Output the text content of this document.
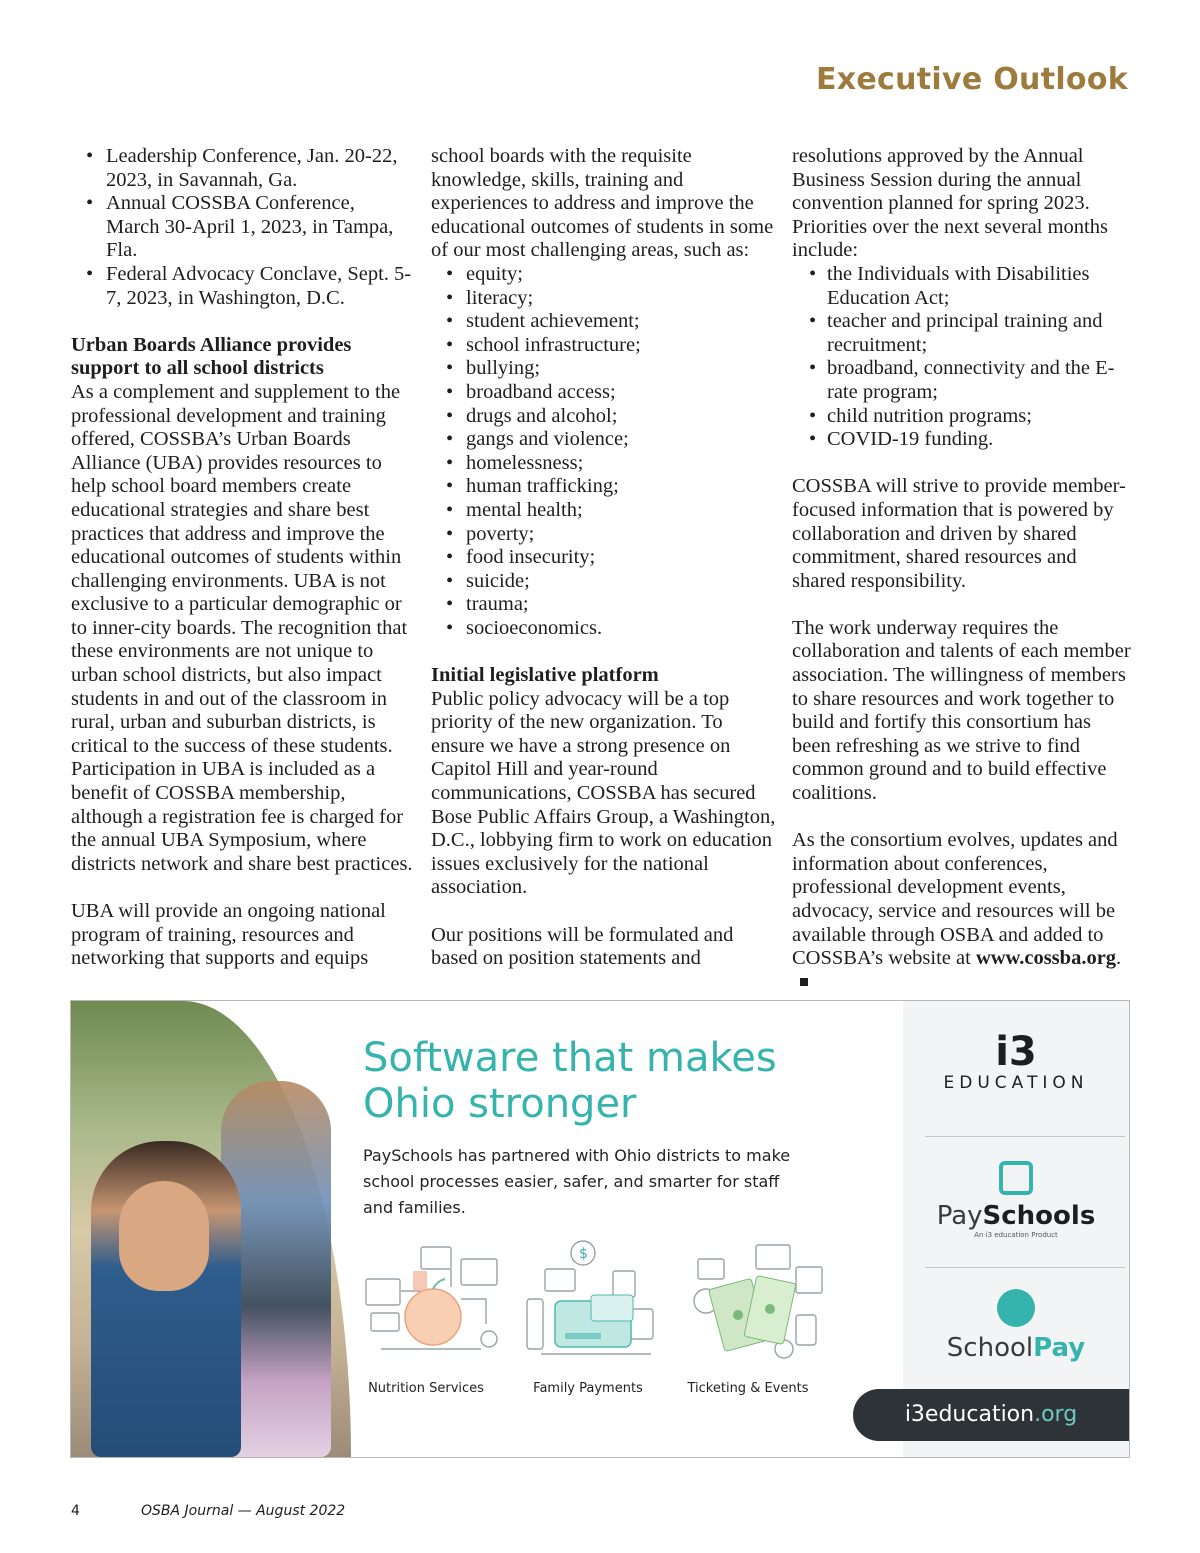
Executive Outlook
• Leadership Conference, Jan. 20-22, 2023, in Savannah, Ga.
• Annual COSSBA Conference, March 30-April 1, 2023, in Tampa, Fla.
• Federal Advocacy Conclave, Sept. 5-7, 2023, in Washington, D.C.

Urban Boards Alliance provides support to all school districts

As a complement and supplement to the professional development and training offered, COSSBA’s Urban Boards Alliance (UBA) provides resources to help school board members create educational strategies and share best practices that address and improve the educational outcomes of students within challenging environments. UBA is not exclusive to a particular demographic or to inner-city boards. The recognition that these environments are not unique to urban school districts, but also impact students in and out of the classroom in rural, urban and suburban districts, is critical to the success of these students. Participation in UBA is included as a benefit of COSSBA membership, although a registration fee is charged for the annual UBA Symposium, where districts network and share best practices.

UBA will provide an ongoing national program of training, resources and networking that supports and equips

school boards with the requisite knowledge, skills, training and experiences to address and improve the educational outcomes of students in some of our most challenging areas, such as:

• equity;
• literacy;
• student achievement;
• school infrastructure;
• bullying;
• broadband access;
• drugs and alcohol;
• gangs and violence;
• homelessness;
• human trafficking;
• mental health;
• poverty;
• food insecurity;
• suicide;
• trauma;
• socioeconomics.

Initial legislative platform

Public policy advocacy will be a top priority of the new organization. To ensure we have a strong presence on Capitol Hill and year-round communications, COSSBA has secured Bose Public Affairs Group, a Washington, D.C., lobbying firm to work on education issues exclusively for the national association.

Our positions will be formulated and based on position statements and

resolutions approved by the Annual Business Session during the annual convention planned for spring 2023. Priorities over the next several months include:

• the Individuals with Disabilities Education Act;
• teacher and principal training and recruitment;
• broadband, connectivity and the E-rate program;
• child nutrition programs;
• COVID-19 funding.

COSSBA will strive to provide member-focused information that is powered by collaboration and driven by shared commitment, shared resources and shared responsibility.

The work underway requires the collaboration and talents of each member association. The willingness of members to share resources and work together to build and fortify this consortium has been refreshing as we strive to find common ground and to build effective coalitions.

As the consortium evolves, updates and information about conferences, professional development events, advocacy, service and resources will be available through OSBA and added to COSSBA’s website at www.cossba.org.

Software that makes Ohio stronger
PaySchools has partnered with Ohio districts to make school processes easier, safer, and smarter for staff and families.
$
Nutrition Services	Family Payments	Ticketing & Events
i3
EDUCATION
PaySchools
An i3 education Product
SchoolPay
i3education.org
4	OSBA Journal — August 2022
